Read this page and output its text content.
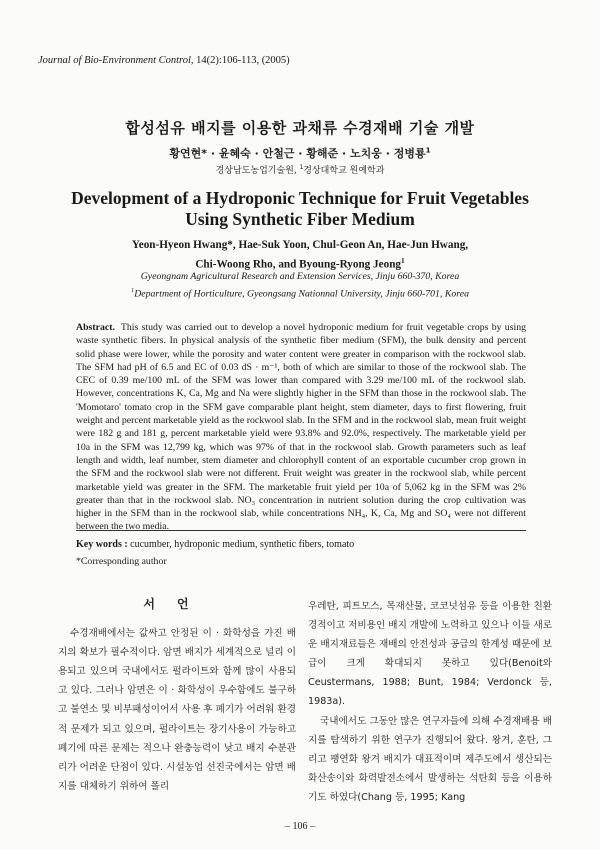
Journal of Bio-Environment Control, 14(2):106-113, (2005)
합성섬유 배지를 이용한 과채류 수경재배 기술 개발
황연현* · 윤혜숙 · 안철근 · 황해준 · 노치웅 · 정병룡$^1$
경상남도농업기술원, $^1$경상대학교 원예학과
Development of a Hydroponic Technique for Fruit Vegetables
Using Synthetic Fiber Medium
Yeon-Hyeon Hwang*, Hae-Suk Yoon, Chul-Geon An, Hae-Jun Hwang,
Chi-Woong Rho, and Byoung-Ryong Jeong$^1$
Gyeongnam Agricultural Research and Extension Services, Jinju 660-370, Korea
$^1$Department of Horticulture, Gyeongsang Nationnal University, Jinju 660-701, Korea
Abstract. This study was carried out to develop a novel hydroponic medium for fruit vegetable crops by using waste synthetic fibers. In physical analysis of the synthetic fiber medium (SFM), the bulk density and percent solid phase were lower, while the porosity and water content were greater in comparison with the rockwool slab. The SFM had pH of 6.5 and EC of 0.03 dS · m⁻¹, both of which are similar to those of the rockwool slab. The CEC of 0.39 me/100 mL of the SFM was lower than compared with 3.29 me/100 mL of the rockwool slab. However, concentrations K, Ca, Mg and Na were slightly higher in the SFM than those in the rockwool slab. The 'Momotaro' tomato crop in the SFM gave comparable plant height, stem diameter, days to first flowering, fruit weight and percent marketable yield as the rockwool slab. In the SFM and in the rockwool slab, mean fruit weight were 182 g and 181 g, percent marketable yield were 93.8% and 92.0%, respectively. The marketable yield per 10a in the SFM was 12,799 kg, which was 97% of that in the rockwool slab. Growth parameters such as leaf length and width, leaf number, stem diameter and chlorophyll content of an exportable cucumber crop grown in the SFM and the rockwool slab were not different. Fruit weight was greater in the rockwool slab, while percent marketable yield was greater in the SFM. The marketable fruit yield per 10a of 5,062 kg in the SFM was 2% greater than that in the rockwool slab. NO₃ concentration in nutrient solution during the crop cultivation was higher in the SFM than in the rockwool slab, while concentrations NH₄, K, Ca, Mg and SO₄ were not different between the two media.
Key words : cucumber, hydroponic medium, synthetic fibers, tomato
*Corresponding author
서언

수경재배에서는 값싸고 안정된 이 · 화학성을 가진 배지의 확보가 필수적이다. 암면 배지가 세계적으로 널리 이용되고 있으며 국내에서도 펄라이트와 함께 많이 사용되고 있다. 그러나 암면은 이 · 화학성이 우수함에도 불구하고 불연소 및 비부패성이어서 사용 후 폐기가 어려워 환경적 문제가 되고 있으며, 펄라이트는 장기사용이 가능하고 폐기에 따른 문제는 적으나 완충능력이 낮고 배지 수분관리가 어려운 단점이 있다. 시설농업 선진국에서는 암면 배지를 대체하기 위하여 폴리

우레탄, 피트모스, 목재산물, 코코넛섬유 등을 이용한 친환경적이고 저비용인 배지 개발에 노력하고 있으나 이들 새로운 배지재료들은 재배의 안전성과 공급의 한계성 때문에 보급이 크게 확대되지 못하고 있다(Benoit와 Ceustermans, 1988; Bunt, 1984; Verdonck 등, 1983a).

국내에서도 그동안 많은 연구자들에 의해 수경재배용 배지를 탐색하기 위한 연구가 진행되어 왔다. 왕겨, 훈탄, 그리고 팽연화 왕겨 배지가 대표적이며 제주도에서 생산되는 화산송이와 화력발전소에서 발생하는 석탄회 등을 이용하기도 하였다(Chang 등, 1995; Kang

– 106 –
